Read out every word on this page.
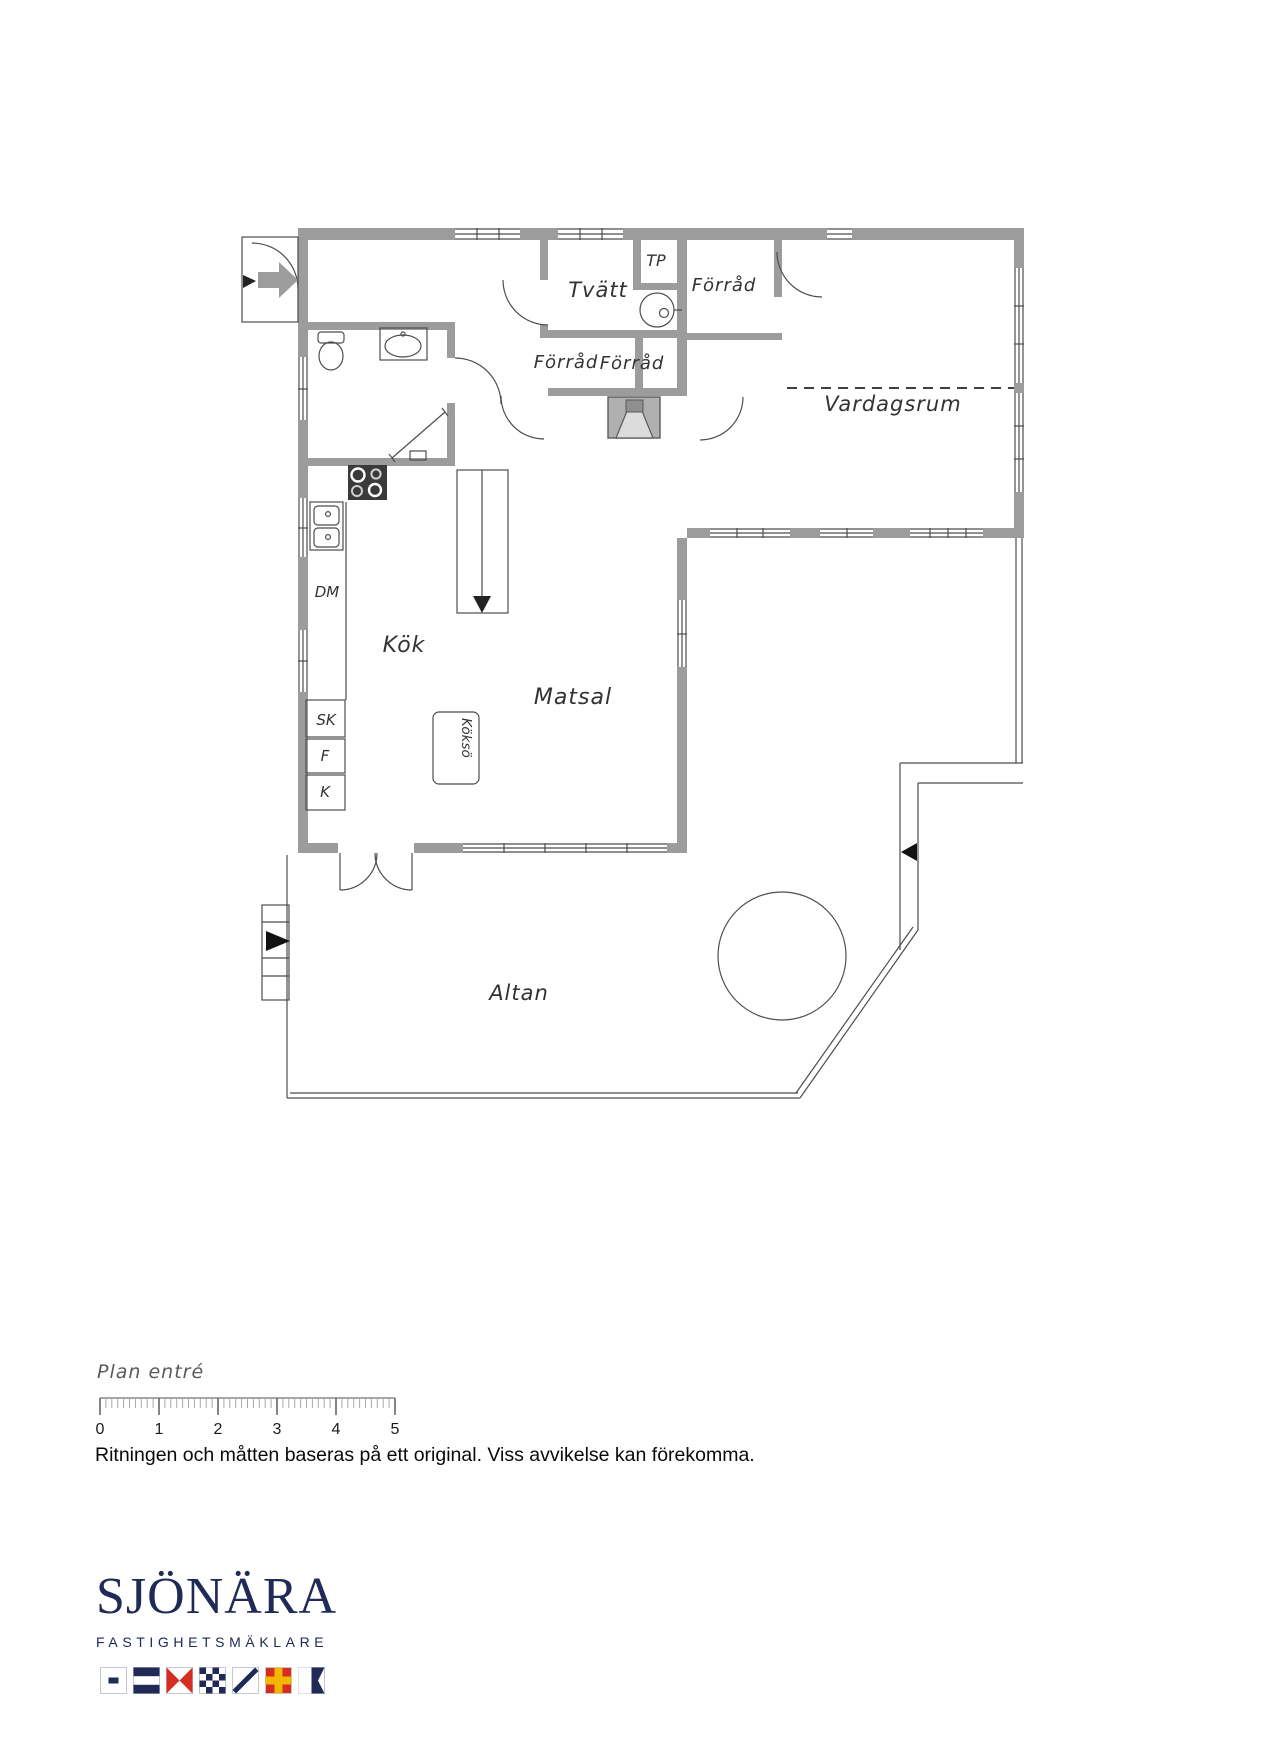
Tvätt
TP
Förråd
Förråd Förråd
Vardagsrum
Kök
Matsal
Altan
Köksö
DM
SK
F
K
Plan entré
0	1	2	3	4	5
Ritningen och måtten baseras på ett original. Viss avvikelse kan förekomma.
SJÖNÄRA
FASTIGHETSMÄKLARE
